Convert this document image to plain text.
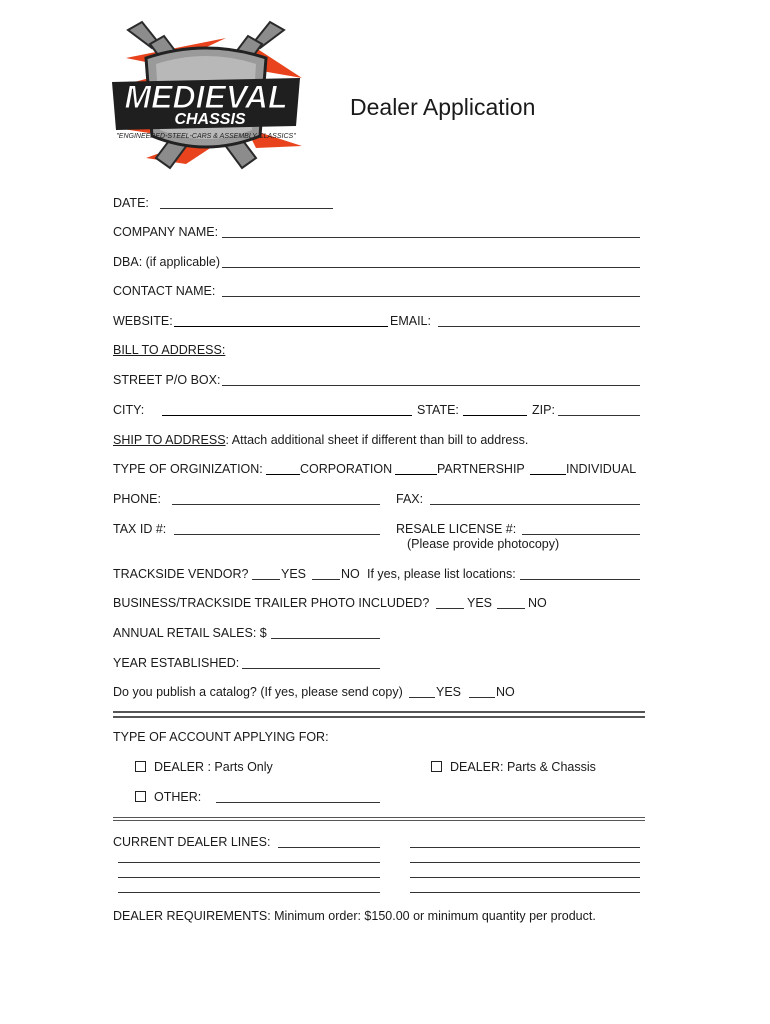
MEDIEVAL
CHASSIS
"ENGINEERED-STEEL-CARS & ASSEMBLY CLASSICS"
Dealer Application
DATE:
COMPANY NAME:
DBA: (if applicable)
CONTACT NAME:
WEBSITE:	EMAIL:
BILL TO ADDRESS:
STREET P/O BOX:
CITY:	STATE:	ZIP:
SHIP TO ADDRESS: Attach additional sheet if different than bill to address.
TYPE OF ORGINIZATION:	CORPORATION	PARTNERSHIP	INDIVIDUAL
PHONE:	FAX:
TAX ID #:	RESALE LICENSE #:
(Please provide photocopy)
TRACKSIDE VENDOR?	YES	NO If yes, please list locations:
BUSINESS/TRACKSIDE TRAILER PHOTO INCLUDED?	YES	NO
ANNUAL RETAIL SALES: $
YEAR ESTABLISHED:
Do you publish a catalog? (If yes, please send copy)	YES	NO
TYPE OF ACCOUNT APPLYING FOR:
DEALER : Parts Only	DEALER: Parts & Chassis
OTHER:
CURRENT DEALER LINES:
DEALER REQUIREMENTS: Minimum order: $150.00 or minimum quantity per product.
